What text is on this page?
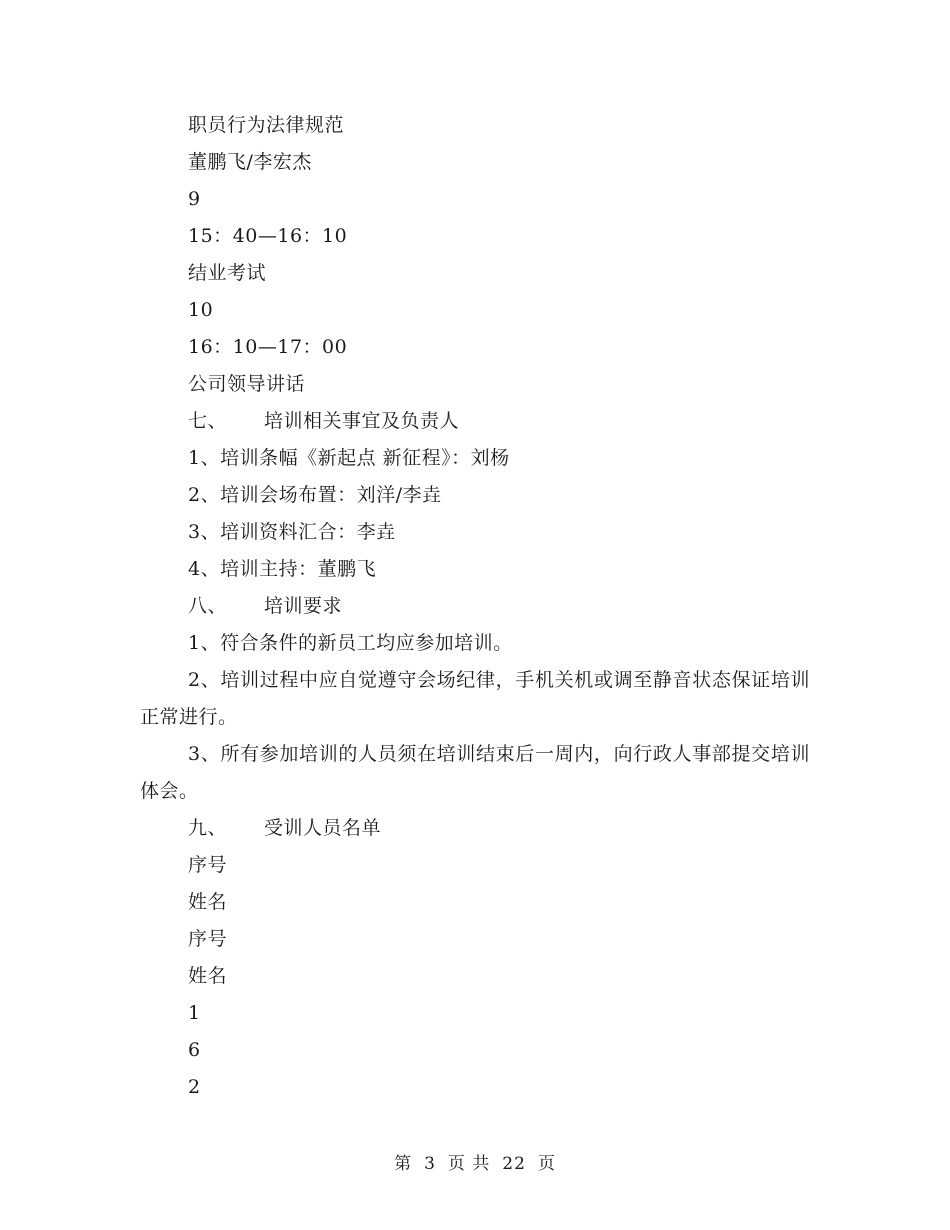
职员行为法律规范
董鹏飞/李宏杰
9
15：40—16：10
结业考试
10
16：10—17：00
公司领导讲话
七、 培训相关事宜及负责人
1、培训条幅《新起点 新征程》：刘杨
2、培训会场布置：刘洋/李垚
3、培训资料汇合：李垚
4、培训主持：董鹏飞
八、 培训要求
1、符合条件的新员工均应参加培训。
2、培训过程中应自觉遵守会场纪律，手机关机或调至静音状态保证培训正常进行。
3、所有参加培训的人员须在培训结束后一周内，向行政人事部提交培训体会。
九、 受训人员名单
序号
姓名
序号
姓名
1
6
2
第 3 页 共 22 页
